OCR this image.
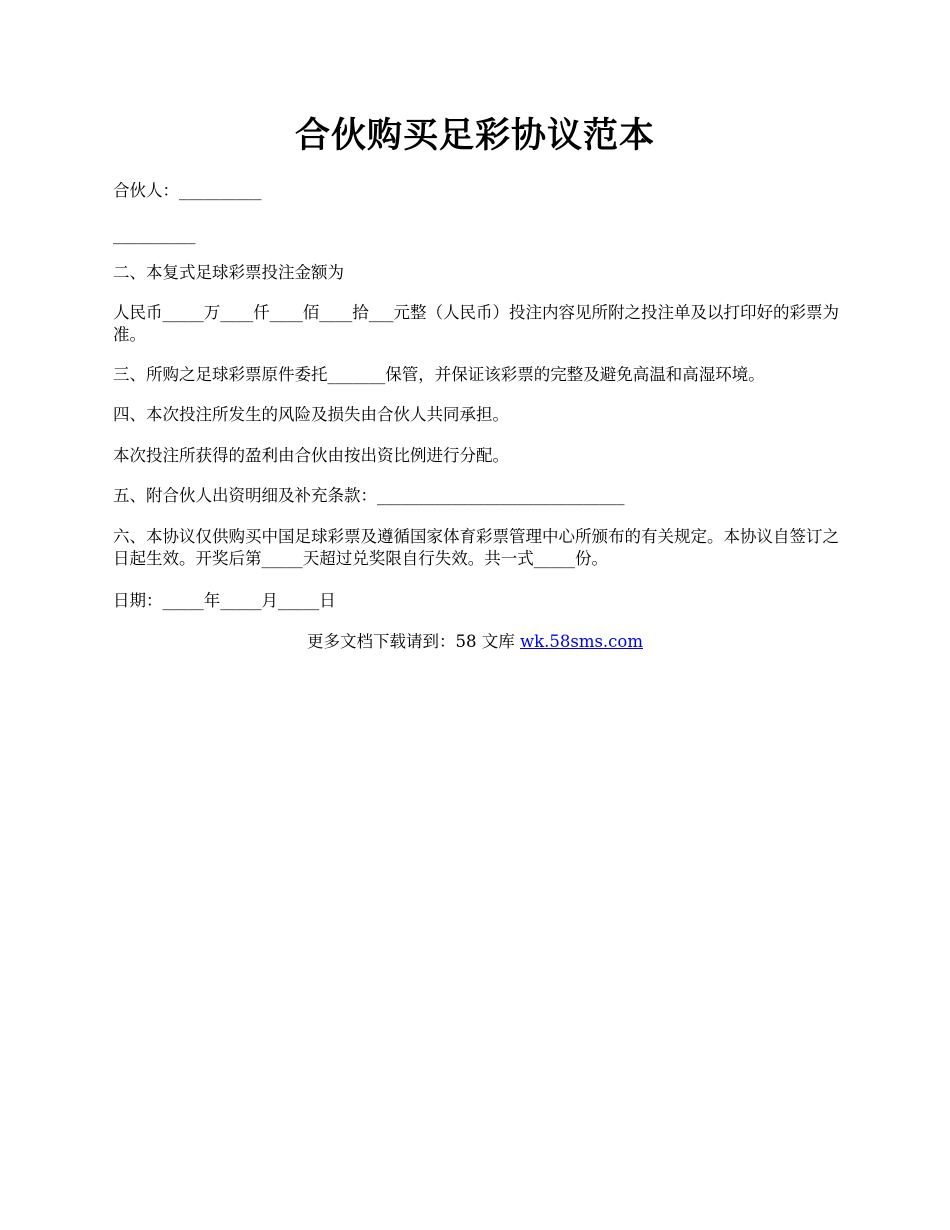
合伙购买足彩协议范本
合伙人：__________
__________
二、本复式足球彩票投注金额为
人民币_____万____仟____佰____拾___元整（人民币）投注内容见所附之投注单及以打印好的彩票为准。
三、所购之足球彩票原件委托_______保管，并保证该彩票的完整及避免高温和高湿环境。
四、本次投注所发生的风险及损失由合伙人共同承担。
本次投注所获得的盈利由合伙由按出资比例进行分配。
五、附合伙人出资明细及补充条款：______________________________
六、本协议仅供购买中国足球彩票及遵循国家体育彩票管理中心所颁布的有关规定。本协议自签订之日起生效。开奖后第_____天超过兑奖限自行失效。共一式_____份。
日期：_____年_____月_____日
更多文档下载请到：58 文库 wk.58sms.com
